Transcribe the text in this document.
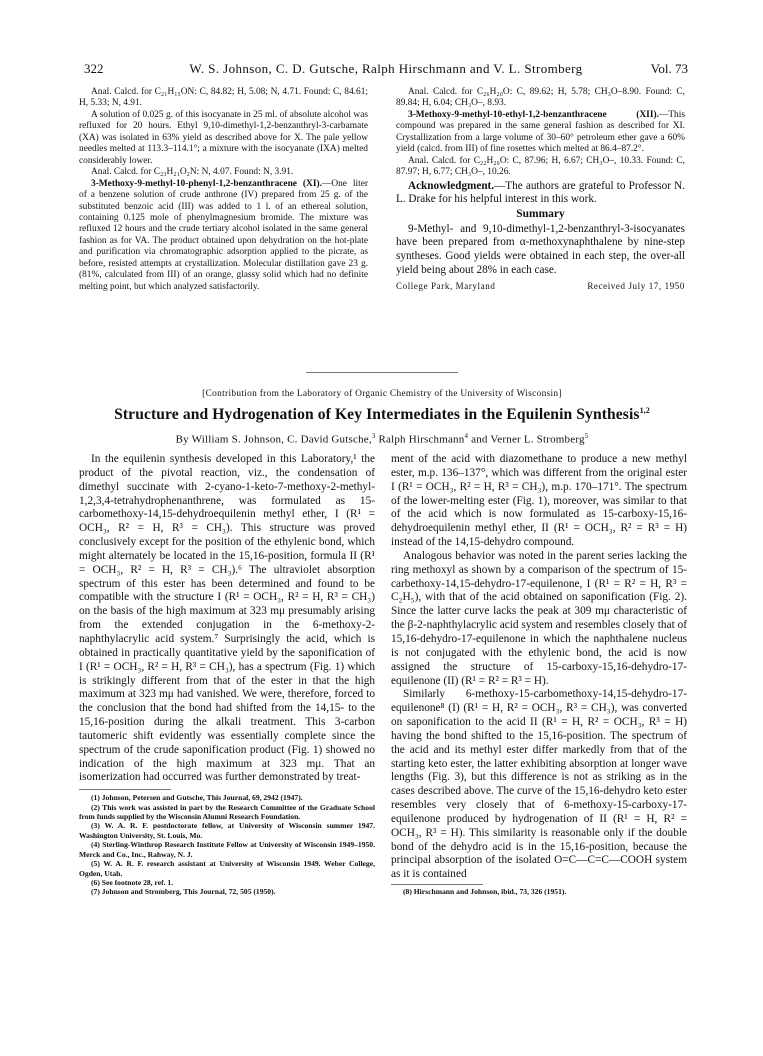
322	W. S. Johnson, C. D. Gutsche, Ralph Hirschmann and V. L. Stromberg	Vol. 73

Anal. Calcd. for C₂₁H₁₅ON: C, 84.82; H, 5.08; N, 4.71. Found: C, 84.61; H, 5.33; N, 4.91.

A solution of 0.025 g. of this isocyanate in 25 ml. of absolute alcohol was refluxed for 20 hours. Ethyl 9,10-dimethyl-1,2-benzanthryl-3-carbamate (XA) was isolated in 63% yield as described above for X. The pale yellow needles melted at 113.3–114.1°; a mixture with the isocyanate (IXA) melted considerably lower.

Anal. Calcd. for C₂₃H₂₁O₂N: N, 4.07. Found: N, 3.91.

3-Methoxy-9-methyl-10-phenyl-1,2-benzanthracene (XI).—One liter of a benzene solution of crude anthrone (IV) prepared from 25 g. of the substituted benzoic acid (III) was added to 1 l. of an ethereal solution, containing 0.125 mole of phenylmagnesium bromide. The mixture was refluxed 12 hours and the crude tertiary alcohol isolated in the same general fashion as for VA. The product obtained upon dehydration on the hot-plate and purification via chromatographic adsorption applied to the picrate, as before, resisted attempts at crystallization. Molecular distillation gave 23 g. (81%, calculated from III) of an orange, glassy solid which had no definite melting point, but which analyzed satisfactorily.

Anal. Calcd. for C₂₆H₂₀O: C, 89.62; H, 5.78; CH₃O–8.90. Found: C, 89.84; H, 6.04; CH₃O–, 8.93.

3-Methoxy-9-methyl-10-ethyl-1,2-benzanthracene (XII).—This compound was prepared in the same general fashion as described for XI. Crystallization from a large volume of 30–60° petroleum ether gave a 60% yield (calcd. from III) of fine rosettes which melted at 86.4–87.2°.

Anal. Calcd. for C₂₂H₂₀O: C, 87.96; H, 6.67; CH₃O–, 10.33. Found: C, 87.97; H, 6.77; CH₃O–, 10.26.

Acknowledgment.—The authors are grateful to Professor N. L. Drake for his helpful interest in this work.

Summary

9-Methyl- and 9,10-dimethyl-1,2-benzanthryl-3-isocyanates have been prepared from α-methoxynaphthalene by nine-step syntheses. Good yields were obtained in each step, the over-all yield being about 28% in each case.

College Park, Maryland	Received July 17, 1950
[Contribution from the Laboratory of Organic Chemistry of the University of Wisconsin]
Structure and Hydrogenation of Key Intermediates in the Equilenin Synthesis$^{1,2}$
By William S. Johnson, C. David Gutsche,$^3$ Ralph Hirschmann$^4$ and Verner L. Stromberg$^5$

In the equilenin synthesis developed in this Laboratory,¹ the product of the pivotal reaction, viz., the condensation of dimethyl succinate with 2-cyano-1-keto-7-methoxy-2-methyl-1,2,3,4-tetrahydrophenanthrene, was formulated as 15-carbomethoxy-14,15-dehydroequilenin methyl ether, I (R¹ = OCH₃, R² = H, R³ = CH₃). This structure was proved conclusively except for the position of the ethylenic bond, which might alternately be located in the 15,16-position, formula II (R¹ = OCH₃, R² = H, R³ = CH₃).⁶ The ultraviolet absorption spectrum of this ester has been determined and found to be compatible with the structure I (R¹ = OCH₃, R² = H, R³ = CH₃) on the basis of the high maximum at 323 mμ presumably arising from the extended conjugation in the 6-methoxy-2-naphthylacrylic acid system.⁷ Surprisingly the acid, which is obtained in practically quantitative yield by the saponification of I (R¹ = OCH₃, R² = H, R³ = CH₃), has a spectrum (Fig. 1) which is strikingly different from that of the ester in that the high maximum at 323 mμ had vanished. We were, therefore, forced to the conclusion that the bond had shifted from the 14,15- to the 15,16-position during the alkali treatment. This 3-carbon tautomeric shift evidently was essentially complete since the spectrum of the crude saponification product (Fig. 1) showed no indication of the high maximum at 323 mμ. That an isomerization had occurred was further demonstrated by treat-

(1) Johnson, Petersen and Gutsche, This Journal, 69, 2942 (1947).

(2) This work was assisted in part by the Research Committee of the Graduate School from funds supplied by the Wisconsin Alumni Research Foundation.

(3) W. A. R. F. postdoctorate fellow, at University of Wisconsin summer 1947. Washington University, St. Louis, Mo.

(4) Sterling-Winthrop Research Institute Fellow at University of Wisconsin 1949–1950. Merck and Co., Inc., Rahway, N. J.

(5) W. A. R. F. research assistant at University of Wisconsin 1949. Weber College, Ogden, Utah.

(6) See footnote 28, ref. 1.

(7) Johnson and Stromberg, This Journal, 72, 505 (1950).

ment of the acid with diazomethane to produce a new methyl ester, m.p. 136–137°, which was different from the original ester I (R¹ = OCH₃, R² = H, R³ = CH₃), m.p. 170–171°. The spectrum of the lower-melting ester (Fig. 1), moreover, was similar to that of the acid which is now formulated as 15-carboxy-15,16-dehydroequilenin methyl ether, II (R¹ = OCH₃, R² = R³ = H) instead of the 14,15-dehydro compound.

Analogous behavior was noted in the parent series lacking the ring methoxyl as shown by a comparison of the spectrum of 15-carbethoxy-14,15-dehydro-17-equilenone, I (R¹ = R² = H, R³ = C₂H₅), with that of the acid obtained on saponification (Fig. 2). Since the latter curve lacks the peak at 309 mμ characteristic of the β-2-naphthylacrylic acid system and resembles closely that of 15,16-dehydro-17-equilenone in which the naphthalene nucleus is not conjugated with the ethylenic bond, the acid is now assigned the structure of 15-carboxy-15,16-dehydro-17-equilenone (II) (R¹ = R² = R³ = H).

Similarly 6-methoxy-15-carbomethoxy-14,15-dehydro-17-equilenone⁸ (I) (R¹ = H, R² = OCH₃, R³ = CH₃), was converted on saponification to the acid II (R¹ = H, R² = OCH₃, R³ = H) having the bond shifted to the 15,16-position. The spectrum of the acid and its methyl ester differ markedly from that of the starting keto ester, the latter exhibiting absorption at longer wave lengths (Fig. 3), but this difference is not as striking as in the cases described above. The curve of the 15,16-dehydro keto ester resembles very closely that of 6-methoxy-15-carboxy-17-equilenone produced by hydrogenation of II (R¹ = H, R² = OCH₃, R³ = H). This similarity is reasonable only if the double bond of the dehydro acid is in the 15,16-position, because the principal absorption of the isolated O=C—C=C—COOH system as it is contained

(8) Hirschmann and Johnson, ibid., 73, 326 (1951).
